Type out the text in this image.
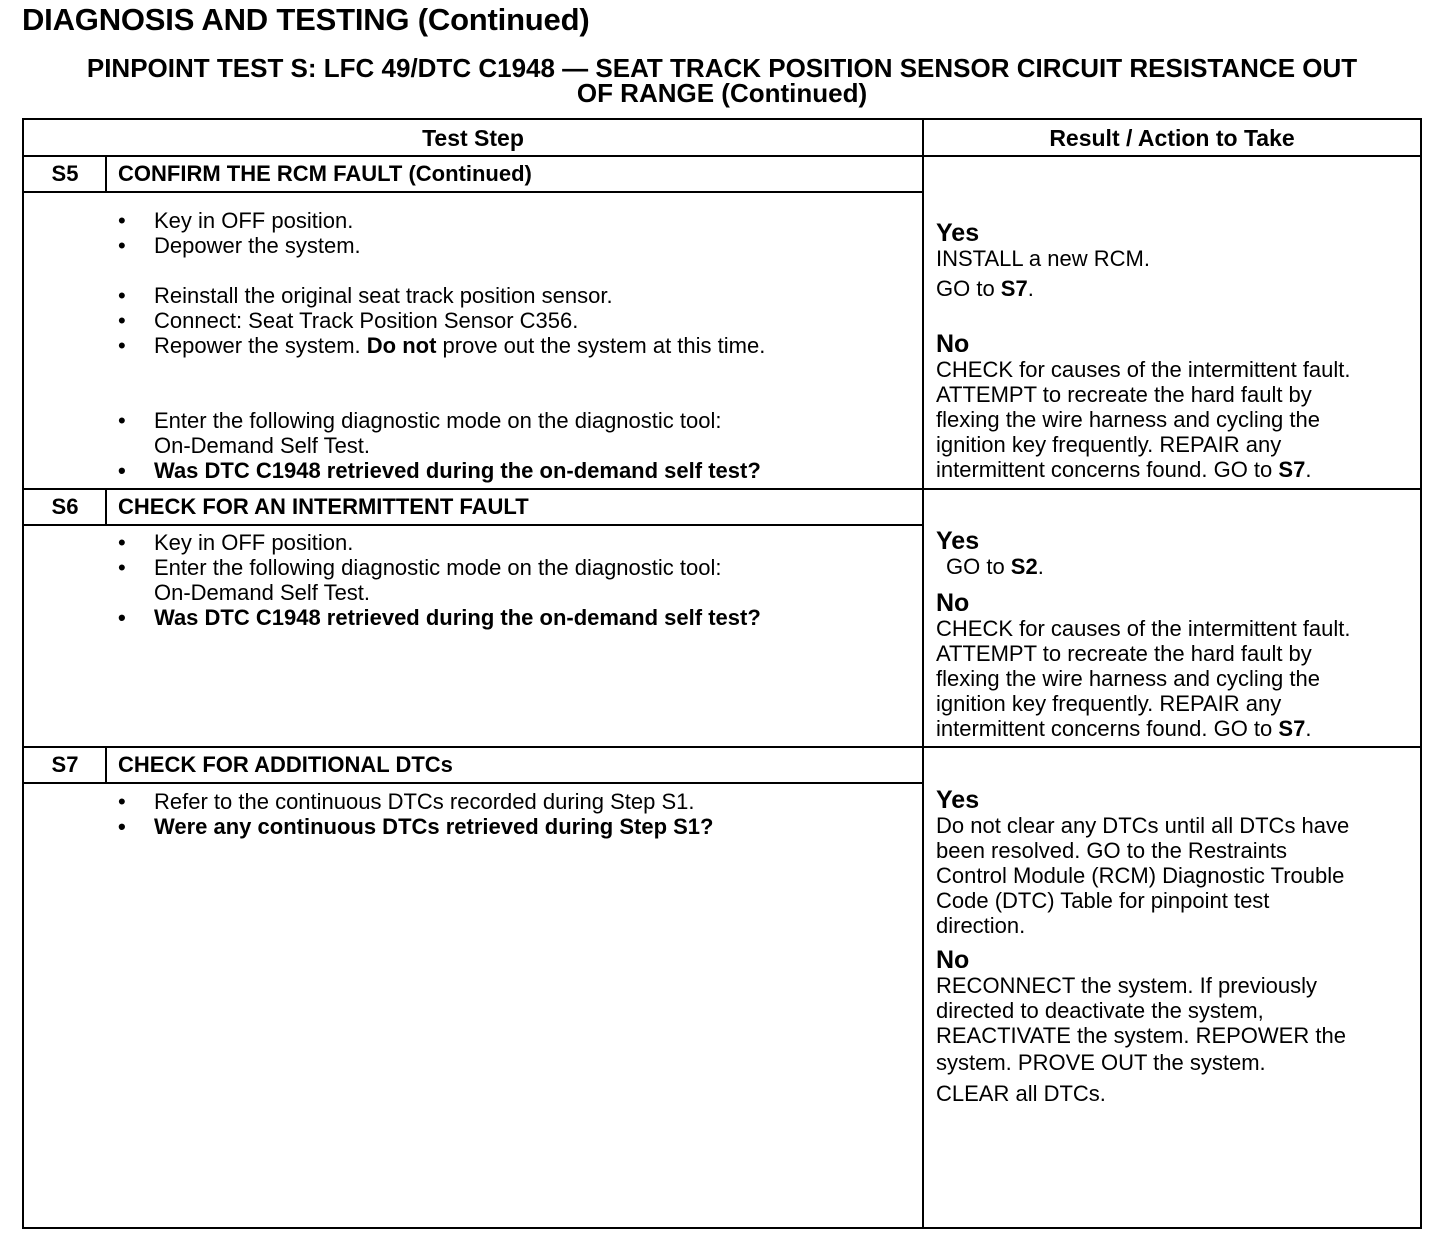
DIAGNOSIS AND TESTING (Continued)
PINPOINT TEST S: LFC 49/DTC C1948 — SEAT TRACK POSITION SENSOR CIRCUIT RESISTANCE OUT
OF RANGE (Continued)
Test Step	Result / Action to Take
S5	CONFIRM THE RCM FAULT (Continued)
• Key in OFF position.
• Depower the system.
• Reinstall the original seat track position sensor.
• Connect: Seat Track Position Sensor C356.
• Repower the system. Do not prove out the system at this time.
• Enter the following diagnostic mode on the diagnostic tool:
On-Demand Self Test.
• Was DTC C1948 retrieved during the on-demand self test?
Yes
INSTALL a new RCM.
GO to S7.
No
CHECK for causes of the intermittent fault.
ATTEMPT to recreate the hard fault by
flexing the wire harness and cycling the
ignition key frequently. REPAIR any
intermittent concerns found. GO to S7.
S6	CHECK FOR AN INTERMITTENT FAULT
• Key in OFF position.
• Enter the following diagnostic mode on the diagnostic tool:
On-Demand Self Test.
• Was DTC C1948 retrieved during the on-demand self test?
Yes
GO to S2.
No
CHECK for causes of the intermittent fault.
ATTEMPT to recreate the hard fault by
flexing the wire harness and cycling the
ignition key frequently. REPAIR any
intermittent concerns found. GO to S7.
S7	CHECK FOR ADDITIONAL DTCs
• Refer to the continuous DTCs recorded during Step S1.
• Were any continuous DTCs retrieved during Step S1?
Yes
Do not clear any DTCs until all DTCs have
been resolved. GO to the Restraints
Control Module (RCM) Diagnostic Trouble
Code (DTC) Table for pinpoint test
direction.
No
RECONNECT the system. If previously
directed to deactivate the system,
REACTIVATE the system. REPOWER the
system. PROVE OUT the system.
CLEAR all DTCs.
